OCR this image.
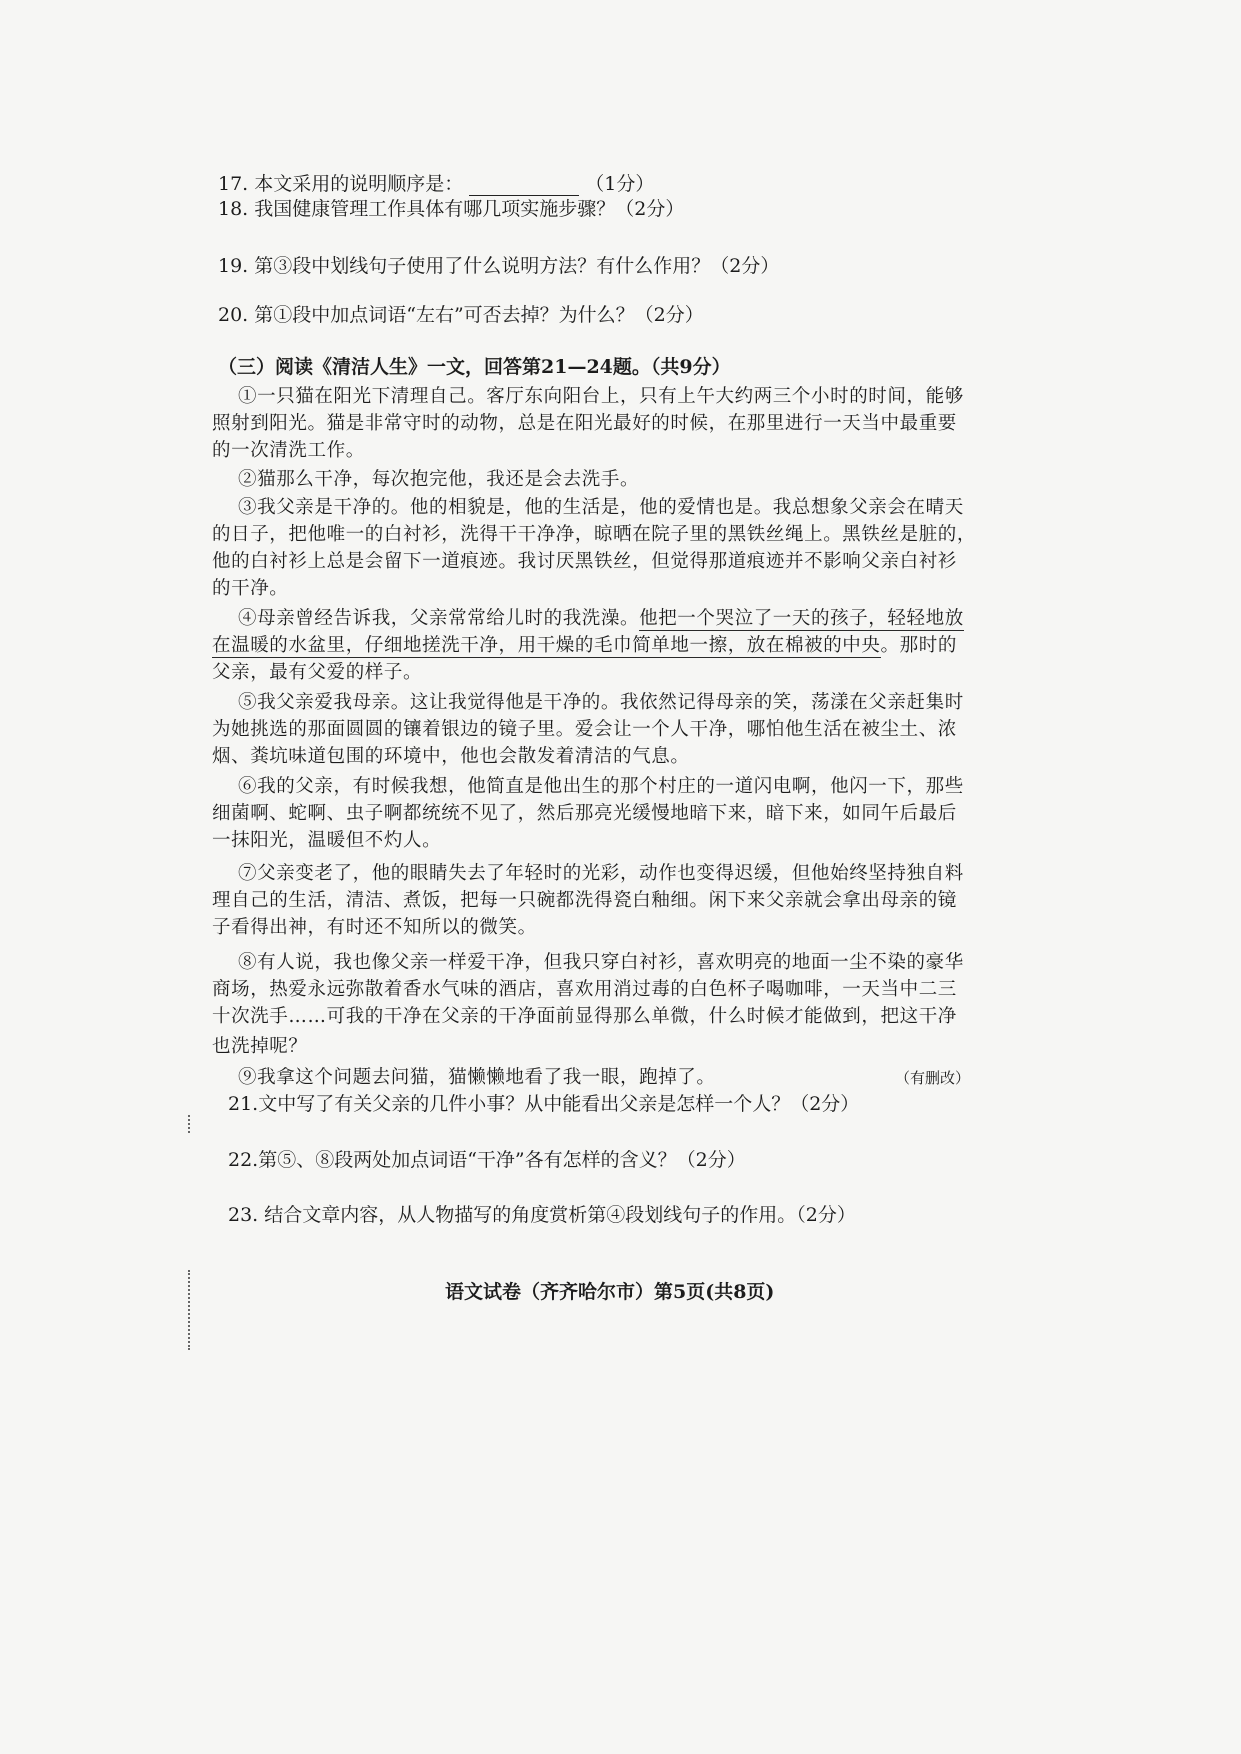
17. 本文采用的说明顺序是：	（1分）
18. 我国健康管理工作具体有哪几项实施步骤？（2分）
19. 第③段中划线句子使用了什么说明方法？有什么作用？（2分）
20. 第①段中加点词语“左右”可否去掉？为什么？（2分）
（三）阅读《清洁人生》一文，回答第21—24题。（共9分）
①一只猫在阳光下清理自己。客厅东向阳台上，只有上午大约两三个小时的时间，能够
照射到阳光。猫是非常守时的动物，总是在阳光最好的时候，在那里进行一天当中最重要
的一次清洗工作。
②猫那么干净，每次抱完他，我还是会去洗手。
③我父亲是干净的。他的相貌是，他的生活是，他的爱情也是。我总想象父亲会在晴天
的日子，把他唯一的白衬衫，洗得干干净净，晾晒在院子里的黑铁丝绳上。黑铁丝是脏的，
他的白衬衫上总是会留下一道痕迹。我讨厌黑铁丝，但觉得那道痕迹并不影响父亲白衬衫
的干净。
④母亲曾经告诉我，父亲常常给儿时的我洗澡。他把一个哭泣了一天的孩子，轻轻地放
在温暖的水盆里，仔细地搓洗干净，用干燥的毛巾简单地一擦，放在棉被的中央。那时的
父亲，最有父爱的样子。
⑤我父亲爱我母亲。这让我觉得他是干净的。我依然记得母亲的笑，荡漾在父亲赶集时
为她挑选的那面圆圆的镶着银边的镜子里。爱会让一个人干净，哪怕他生活在被尘土、浓
烟、粪坑味道包围的环境中，他也会散发着清洁的气息。
⑥我的父亲，有时候我想，他简直是他出生的那个村庄的一道闪电啊，他闪一下，那些
细菌啊、蛇啊、虫子啊都统统不见了，然后那亮光缓慢地暗下来，暗下来，如同午后最后
一抹阳光，温暖但不灼人。
⑦父亲变老了，他的眼睛失去了年轻时的光彩，动作也变得迟缓，但他始终坚持独自料
理自己的生活，清洁、煮饭，把每一只碗都洗得瓷白釉细。闲下来父亲就会拿出母亲的镜
子看得出神，有时还不知所以的微笑。
⑧有人说，我也像父亲一样爱干净，但我只穿白衬衫，喜欢明亮的地面一尘不染的豪华
商场，热爱永远弥散着香水气味的酒店，喜欢用消过毒的白色杯子喝咖啡，一天当中二三
十次洗手……可我的干净在父亲的干净面前显得那么单微，什么时候才能做到，把这干净
也洗掉呢？
⑨我拿这个问题去问猫，猫懒懒地看了我一眼，跑掉了。	（有删改）
21.文中写了有关父亲的几件小事？从中能看出父亲是怎样一个人？（2分）
22.第⑤、⑧段两处加点词语“干净”各有怎样的含义？（2分）
23. 结合文章内容，从人物描写的角度赏析第④段划线句子的作用。（2分）
语文试卷（齐齐哈尔市）第5页(共8页)
